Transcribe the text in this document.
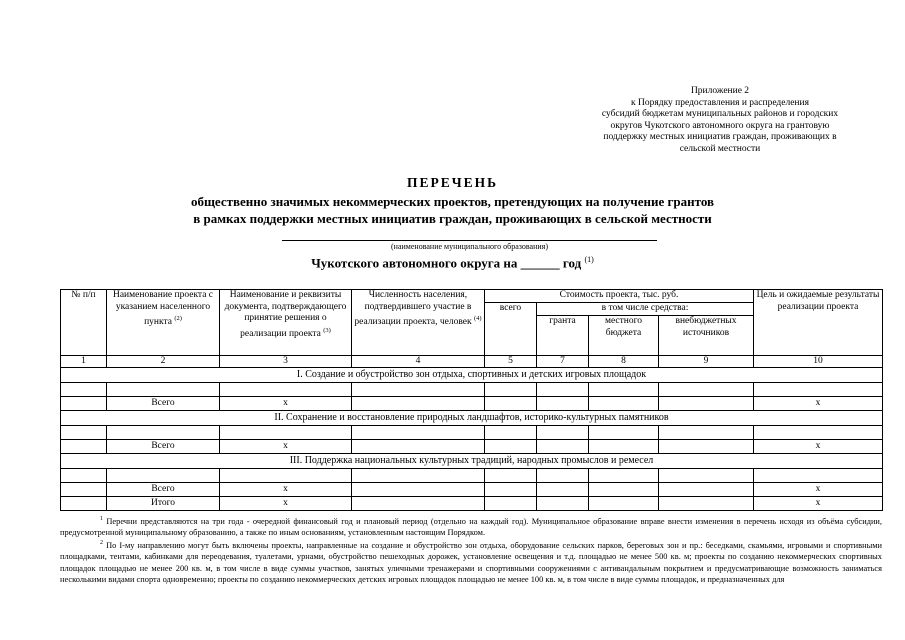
Приложение 2
к Порядку предоставления и распределения
субсидий бюджетам муниципальных районов и городских
округов Чукотского автономного округа на грантовую
поддержку местных инициатив граждан, проживающих в
сельской местности
ПЕРЕЧЕНЬ
общественно значимых некоммерческих проектов, претендующих на получение грантов
в рамках поддержки местных инициатив граждан, проживающих в сельской местности
(наименование муниципального образования)
Чукотского автономного округа на ______ год $^{(1)}$
№ п/п	Наименование проекта с указанием населенного пункта $^{(2)}$	Наименование и реквизиты документа, подтверждающего принятие решения о реализации проекта $^{(3)}$	Численность населения, подтвердившего участие в реализации проекта, человек $^{(4)}$	Стоимость проекта, тыс. руб.				Цель и ожидаемые результаты реализации проекта
				всего	в том числе средства:			
					гранта	местного бюджета	внебюджетных источников	
1	2	3	4	5	7	8	9	10
I. Создание и обустройство зон отдыха, спортивных и детских игровых площадок								

	Всего	x						x
II. Сохранение и восстановление природных ландшафтов, историко-культурных памятников								

	Всего	x						x
III. Поддержка национальных культурных традиций, народных промыслов и ремесел								

	Всего	x						x
	Итого	x						x

$^1$ Перечни представляются на три года - очередной финансовый год и плановый период (отдельно на каждый год). Муниципальное образование вправе внести изменения в перечень исходя из объёма субсидии, предусмотренной муниципальному образованию, а также по иным основаниям, установленным настоящим Порядком.

$^2$ По I-му направлению могут быть включены проекты, направленные на создание и обустройство зон отдыха, оборудование сельских парков, береговых зон и пр.: беседками, скамьями, игровыми и спортивными площадками, тентами, кабинками для переодевания, туалетами, урнами, обустройство пешеходных дорожек, установление освещения и т.д. площадью не менее 500 кв. м; проекты по созданию некоммерческих спортивных площадок площадью не менее 200 кв. м, в том числе в виде суммы участков, занятых уличными тренажерами и спортивными сооружениями с антивандальным покрытием и предусматривающие возможность заниматься несколькими видами спорта одновременно; проекты по созданию некоммерческих детских игровых площадок площадью не менее 100 кв. м, в том числе в виде суммы площадок, и предназначенных для
